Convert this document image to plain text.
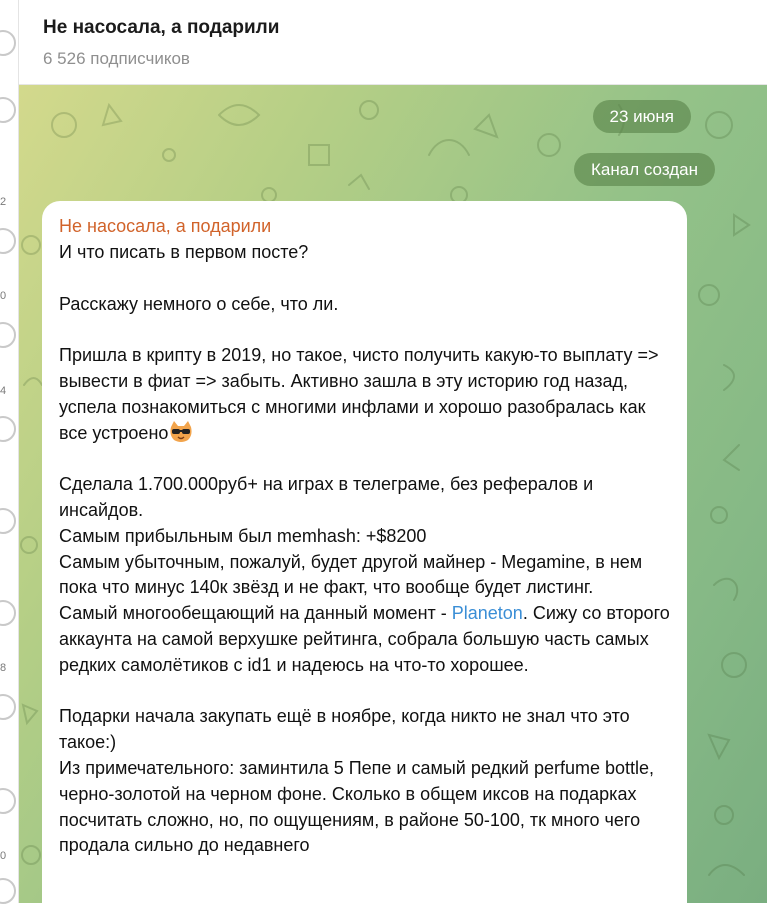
2
0
4
8
0
Не насосала, а подарили
6 526 подписчиков
23 июня
Канал создан
Не насосала, а подарили

И что писать в первом посте?

Расскажу немного о себе, что ли.

Пришла в крипту в 2019, но такое, чисто получить какую-то выплату => вывести в фиат => забыть. Активно зашла в эту историю год назад, успела познакомиться с многими инфлами и хорошо разобралась как все устроено

Сделала 1.700.000руб+ на играх в телеграме, без рефералов и инсайдов.

Самым прибыльным был memhash: +$8200

Самым убыточным, пожалуй, будет другой майнер - Megamine, в нем пока что минус 140к звёзд и не факт, что вообще будет листинг.

Самый многообещающий на данный момент - Planeton. Сижу со второго аккаунта на самой верхушке рейтинга, собрала большую часть самых редких самолётиков с id1 и надеюсь на что-то хорошее.

Подарки начала закупать ещё в ноябре, когда никто не знал что это такое:)

Из примечательного: заминтила 5 Пепе и самый редкий perfume bottle, черно-золотой на черном фоне. Сколько в общем иксов на подарках посчитать сложно, но, по ощущениям, в районе 50-100, тк много чего продала сильно до недавнего
